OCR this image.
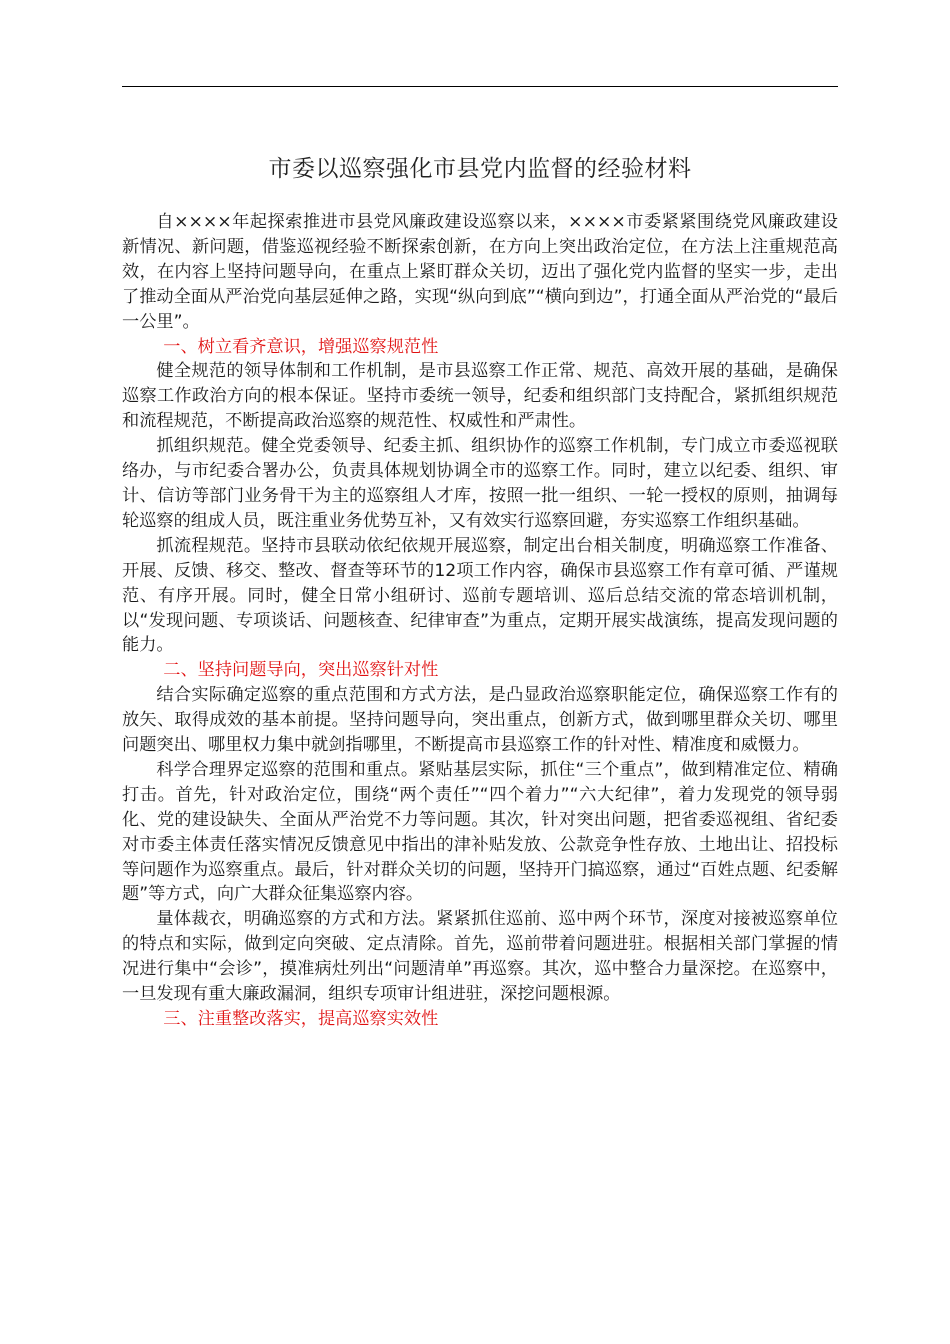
市委以巡察强化市县党内监督的经验材料

自××××年起探索推进市县党风廉政建设巡察以来，××××市委紧紧围绕党风廉政建设新情况、新问题，借鉴巡视经验不断探索创新，在方向上突出政治定位，在方法上注重规范高效，在内容上坚持问题导向，在重点上紧盯群众关切，迈出了强化党内监督的坚实一步，走出了推动全面从严治党向基层延伸之路，实现“纵向到底”“横向到边”，打通全面从严治党的“最后一公里”。

一、树立看齐意识，增强巡察规范性

健全规范的领导体制和工作机制，是市县巡察工作正常、规范、高效开展的基础，是确保巡察工作政治方向的根本保证。坚持市委统一领导，纪委和组织部门支持配合，紧抓组织规范和流程规范，不断提高政治巡察的规范性、权威性和严肃性。

抓组织规范。健全党委领导、纪委主抓、组织协作的巡察工作机制，专门成立市委巡视联络办，与市纪委合署办公，负责具体规划协调全市的巡察工作。同时，建立以纪委、组织、审计、信访等部门业务骨干为主的巡察组人才库，按照一批一组织、一轮一授权的原则，抽调每轮巡察的组成人员，既注重业务优势互补，又有效实行巡察回避，夯实巡察工作组织基础。

抓流程规范。坚持市县联动依纪依规开展巡察，制定出台相关制度，明确巡察工作准备、开展、反馈、移交、整改、督查等环节的12项工作内容，确保市县巡察工作有章可循、严谨规范、有序开展。同时，健全日常小组研讨、巡前专题培训、巡后总结交流的常态培训机制，以“发现问题、专项谈话、问题核查、纪律审查”为重点，定期开展实战演练，提高发现问题的能力。

二、坚持问题导向，突出巡察针对性

结合实际确定巡察的重点范围和方式方法，是凸显政治巡察职能定位，确保巡察工作有的放矢、取得成效的基本前提。坚持问题导向，突出重点，创新方式，做到哪里群众关切、哪里问题突出、哪里权力集中就剑指哪里，不断提高市县巡察工作的针对性、精准度和威慑力。

科学合理界定巡察的范围和重点。紧贴基层实际，抓住“三个重点”，做到精准定位、精确打击。首先，针对政治定位，围绕“两个责任”“四个着力”“六大纪律”，着力发现党的领导弱化、党的建设缺失、全面从严治党不力等问题。其次，针对突出问题，把省委巡视组、省纪委对市委主体责任落实情况反馈意见中指出的津补贴发放、公款竞争性存放、土地出让、招投标等问题作为巡察重点。最后，针对群众关切的问题，坚持开门搞巡察，通过“百姓点题、纪委解题”等方式，向广大群众征集巡察内容。

量体裁衣，明确巡察的方式和方法。紧紧抓住巡前、巡中两个环节，深度对接被巡察单位的特点和实际，做到定向突破、定点清除。首先，巡前带着问题进驻。根据相关部门掌握的情况进行集中“会诊”，摸准病灶列出“问题清单”再巡察。其次，巡中整合力量深挖。在巡察中，一旦发现有重大廉政漏洞，组织专项审计组进驻，深挖问题根源。

三、注重整改落实，提高巡察实效性
